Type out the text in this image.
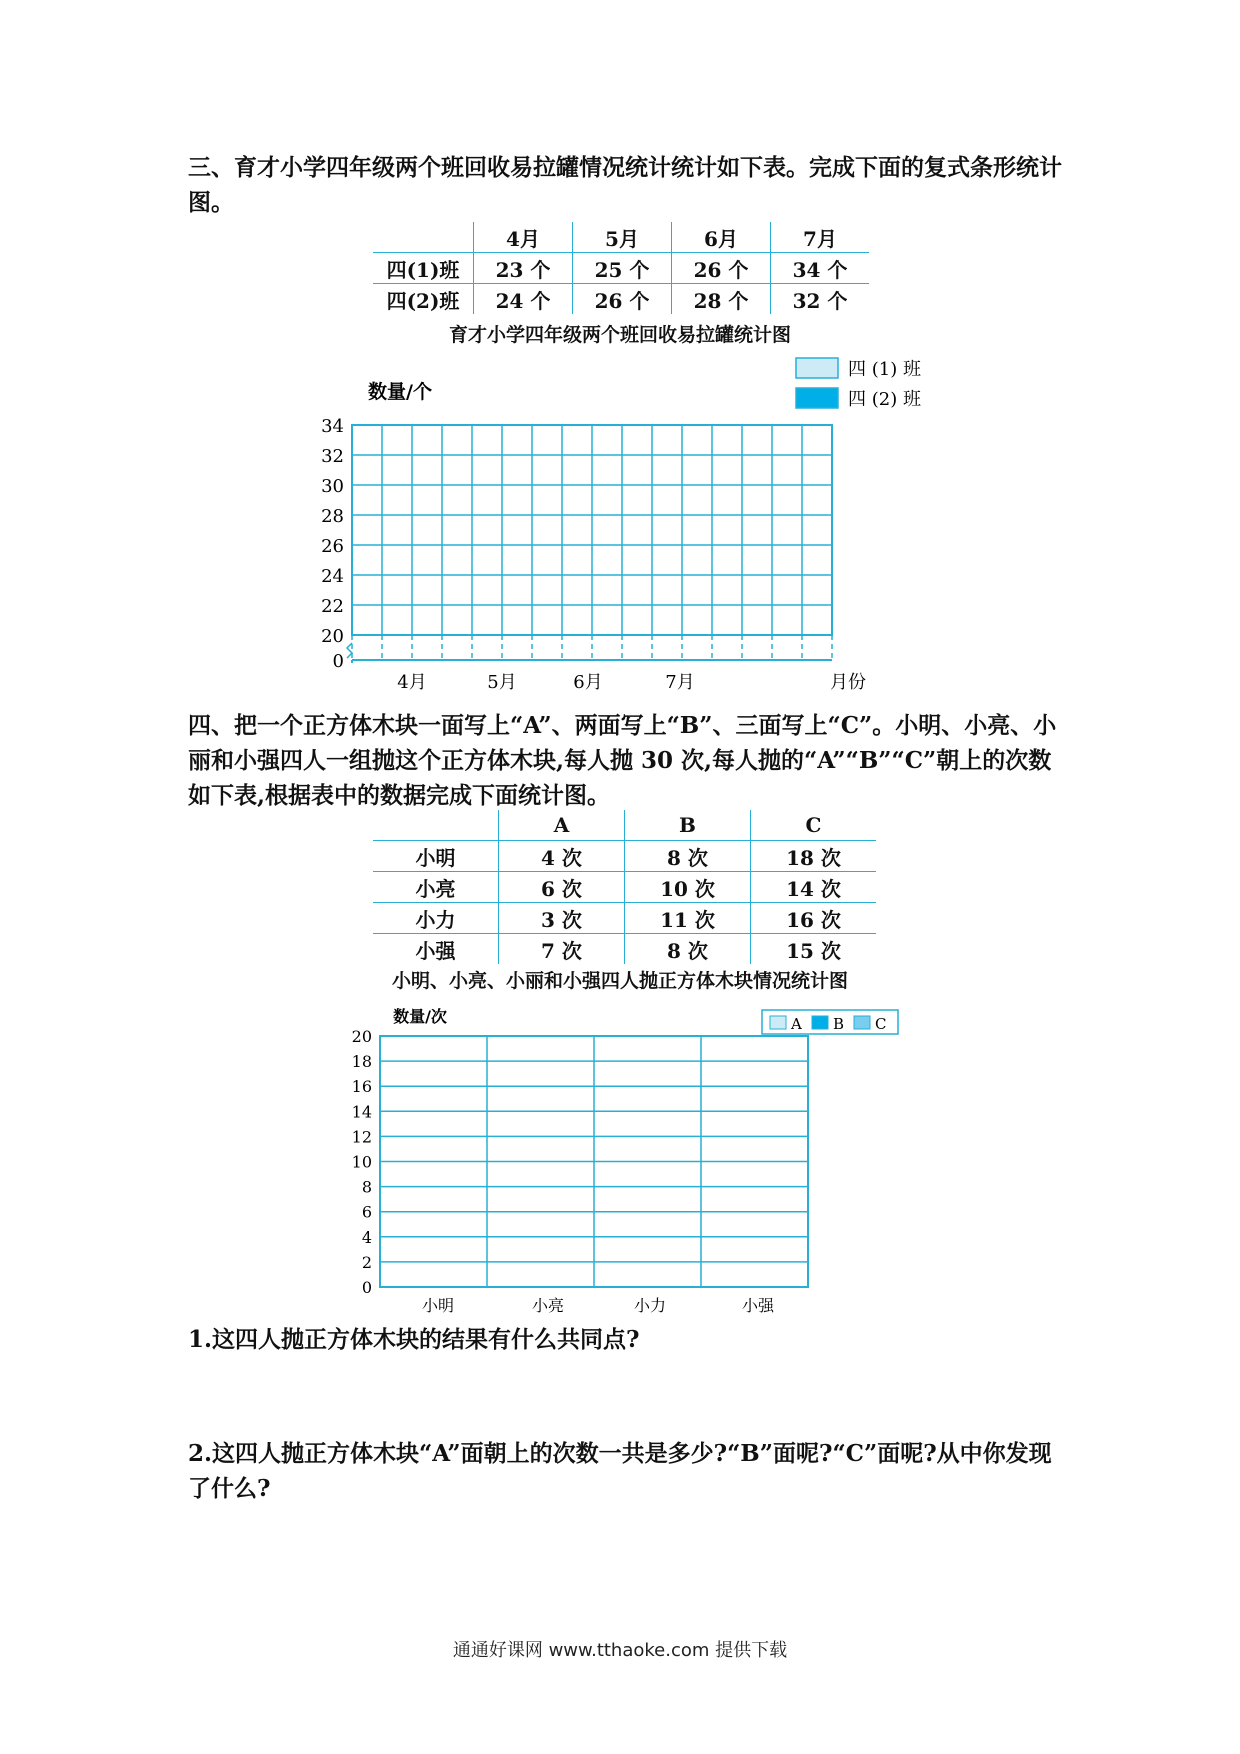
三、育才小学四年级两个班回收易拉罐情况统计统计如下表。完成下面的复式条形统计图。

	4月	5月	6月	7月
四(1)班	23 个	25 个	26 个	34 个
四(2)班	24 个	26 个	28 个	32 个
育才小学四年级两个班回收易拉罐统计图
0
20
22
24
26
28
30
32
34
数量/个
4月	5月	6月	7月	月份
四 (1) 班
四 (2) 班

四、把一个正方体木块一面写上“A”、两面写上“B”、三面写上“C”。小明、小亮、小丽和小强四人一组抛这个正方体木块,每人抛 30 次,每人抛的“A”“B”“C”朝上的次数如下表,根据表中的数据完成下面统计图。

	A	B	C
小明	4 次	8 次	18 次
小亮	6 次	10 次	14 次
小力	3 次	11 次	16 次
小强	7 次	8 次	15 次
小明、小亮、小丽和小强四人抛正方体木块情况统计图
0
2
4
6
8
10
12
14
16
18
20
数量/次
小明	小亮	小力	小强
A B C
1.这四人抛正方体木块的结果有什么共同点?
2.这四人抛正方体木块“A”面朝上的次数一共是多少?“B”面呢?“C”面呢?从中你发现了什么?
通通好课网 www.tthaoke.com 提供下载
